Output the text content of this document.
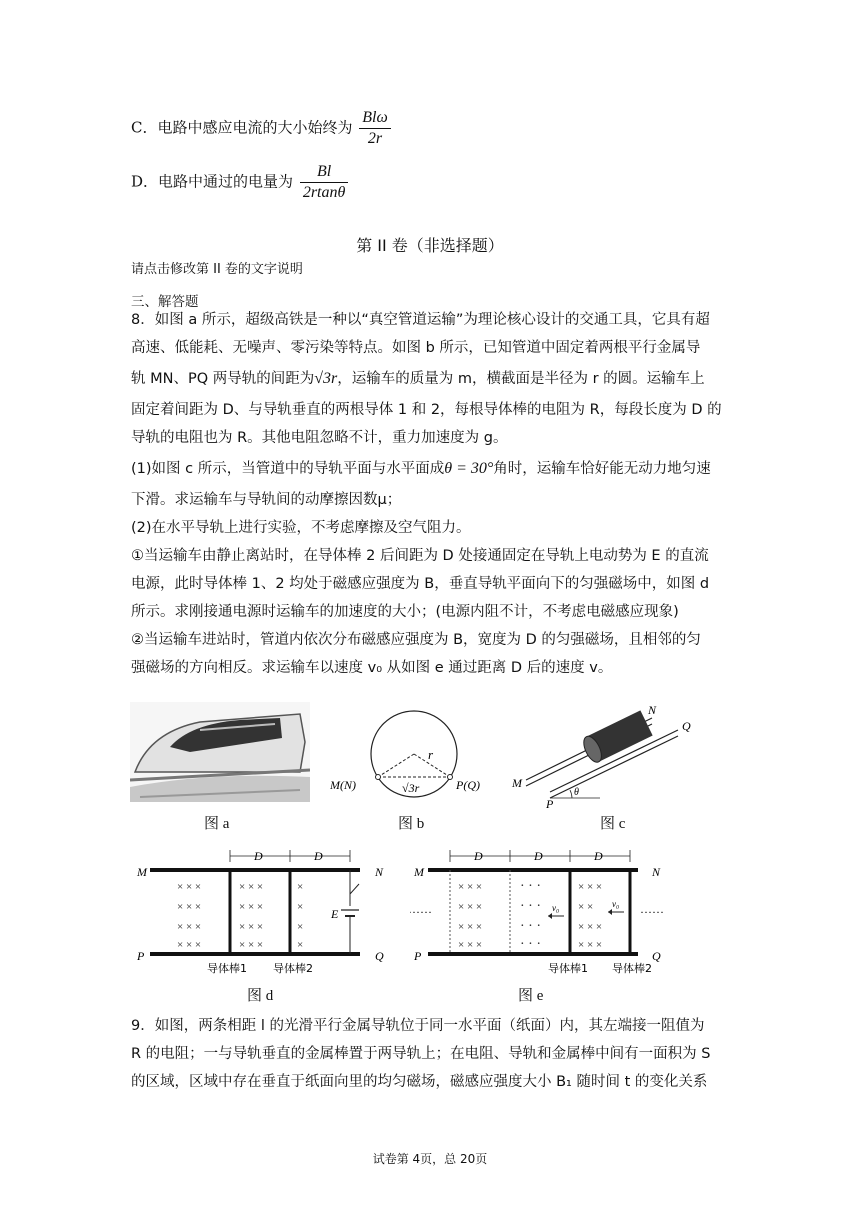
C．电路中感应电流的大小始终为 $\frac{\text{Blω}}{2r}$
D．电路中通过的电量为 $\frac{Bl}{2rtan\theta}$
第 II 卷（非选择题）
请点击修改第 II 卷的文字说明
三、解答题
8．如图 a 所示，超级高铁是一种以“真空管道运输”为理论核心设计的交通工具，它具有超
高速、低能耗、无噪声、零污染等特点。如图 b 所示，已知管道中固定着两根平行金属导
轨 MN、PQ 两导轨的间距为√3r，运输车的质量为 m，横截面是半径为 r 的圆。运输车上
固定着间距为 D、与导轨垂直的两根导体 1 和 2，每根导体棒的电阻为 R，每段长度为 D 的
导轨的电阻也为 R。其他电阻忽略不计，重力加速度为 g。
(1)如图 c 所示，当管道中的导轨平面与水平面成θ = 30°角时，运输车恰好能无动力地匀速
下滑。求运输车与导轨间的动摩擦因数μ；
(2)在水平导轨上进行实验，不考虑摩擦及空气阻力。
①当运输车由静止离站时，在导体棒 2 后间距为 D 处接通固定在导轨上电动势为 E 的直流
电源，此时导体棒 1、2 均处于磁感应强度为 B，垂直导轨平面向下的匀强磁场中，如图 d
所示。求刚接通电源时运输车的加速度的大小；(电源内阻不计，不考虑电磁感应现象)
②当运输车进站时，管道内依次分布磁感应强度为 B，宽度为 D 的匀强磁场，且相邻的匀
强磁场的方向相反。求运输车以速度 v₀ 从如图 e 通过距离 D 后的速度 v。
图 a
r
M(N)	P(Q)
√3r
图 b
θ
N
Q
M
P
图 c
D	D
M	N
P	Q
× × ×
× × ×
× × ×
× × ×
× × ×
× × ×
× × ×
× × ×
×
×
×
×
E
导体棒1 导体棒2
图 d
D	D	D
M	N
P	Q
······	······
× × ×
× × ×
× × ×
× × ×
× × ×
× ×
× × ×
× × ×
· · ·
· · ·
· · ·
· · ·
v₀	v₀
导体棒1 导体棒2
图 e
9．如图，两条相距 l 的光滑平行金属导轨位于同一水平面（纸面）内，其左端接一阻值为
R 的电阻；一与导轨垂直的金属棒置于两导轨上；在电阻、导轨和金属棒中间有一面积为 S
的区域，区域中存在垂直于纸面向里的均匀磁场，磁感应强度大小 B₁ 随时间 t 的变化关系
试卷第 4页，总 20页
